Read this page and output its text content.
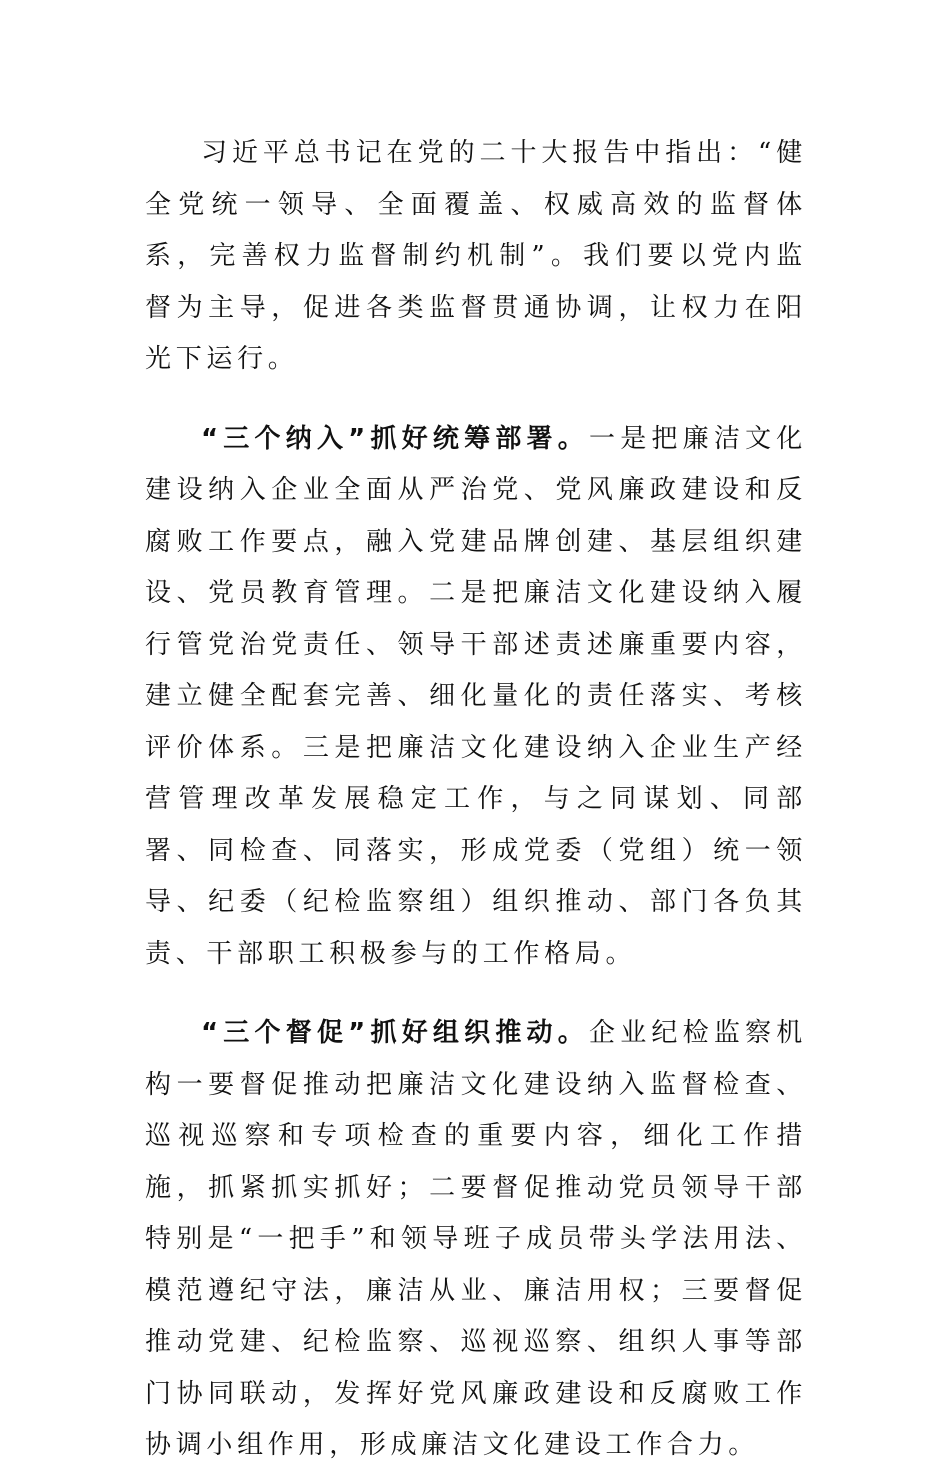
习近平总书记在党的二十大报告中指出：“健全党统一领导、全面覆盖、权威高效的监督体系，完善权力监督制约机制”。我们要以党内监督为主导，促进各类监督贯通协调，让权力在阳光下运行。

“三个纳入”抓好统筹部署。一是把廉洁文化建设纳入企业全面从严治党、党风廉政建设和反腐败工作要点，融入党建品牌创建、基层组织建设、党员教育管理。二是把廉洁文化建设纳入履行管党治党责任、领导干部述责述廉重要内容，建立健全配套完善、细化量化的责任落实、考核评价体系。三是把廉洁文化建设纳入企业生产经营管理改革发展稳定工作，与之同谋划、同部署、同检查、同落实，形成党委（党组）统一领导、纪委（纪检监察组）组织推动、部门各负其责、干部职工积极参与的工作格局。

“三个督促”抓好组织推动。企业纪检监察机构一要督促推动把廉洁文化建设纳入监督检查、巡视巡察和专项检查的重要内容，细化工作措施，抓紧抓实抓好；二要督促推动党员领导干部特别是“一把手”和领导班子成员带头学法用法、模范遵纪守法，廉洁从业、廉洁用权；三要督促推动党建、纪检监察、巡视巡察、组织人事等部门协同联动，发挥好党风廉政建设和反腐败工作协调小组作用，形成廉洁文化建设工作合力。
